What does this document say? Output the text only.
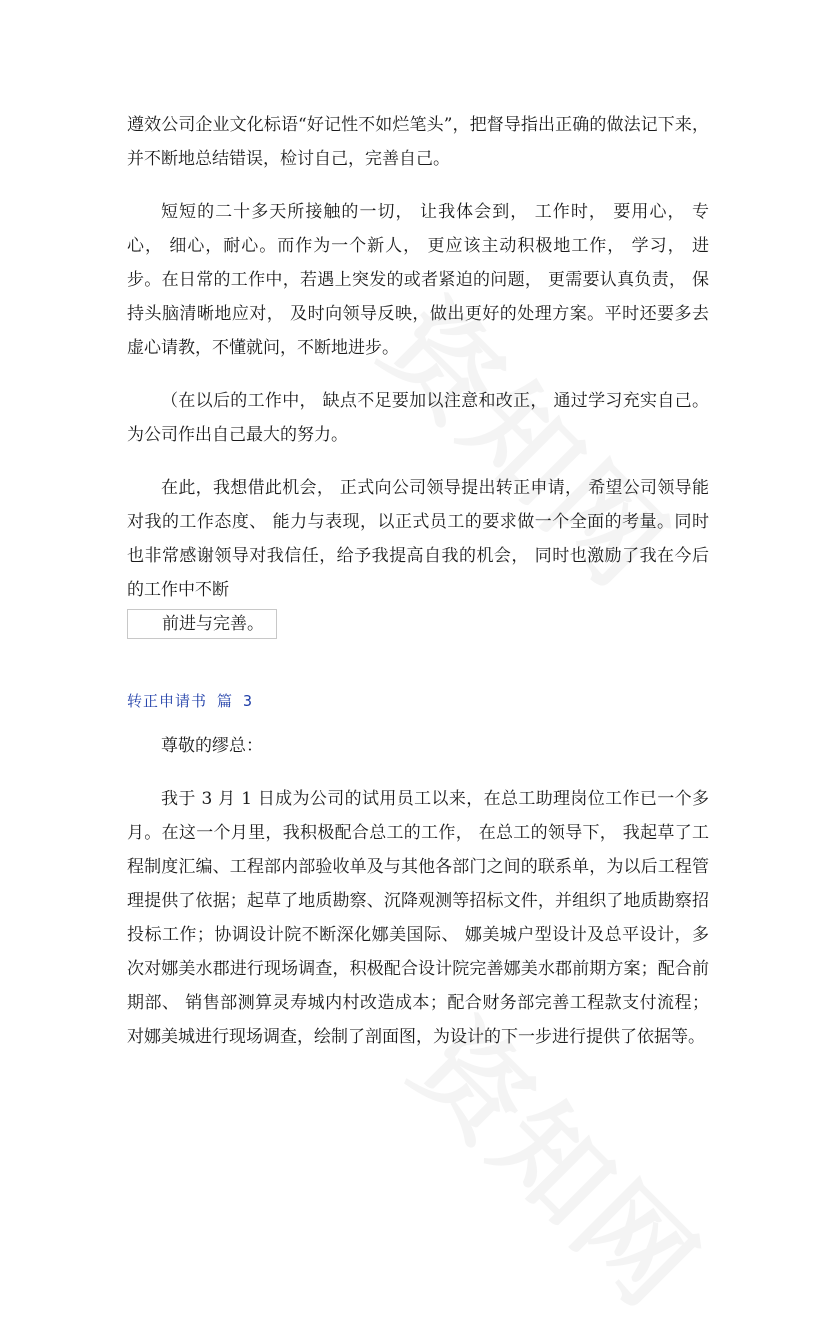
遵效公司企业文化标语“好记性不如烂笔头”，把督导指出正确的做法记下来，并不断地总结错误，检讨自己，完善自己。

短短的二十多天所接触的一切， 让我体会到， 工作时， 要用心， 专心， 细心，耐心。而作为一个新人， 更应该主动积极地工作， 学习， 进步。在日常的工作中，若遇上突发的或者紧迫的问题， 更需要认真负责， 保持头脑清晰地应对， 及时向领导反映，做出更好的处理方案。平时还要多去虚心请教，不懂就问，不断地进步。

（在以后的工作中， 缺点不足要加以注意和改正， 通过学习充实自己。为公司作出自己最大的努力。

在此，我想借此机会， 正式向公司领导提出转正申请， 希望公司领导能对我的工作态度、 能力与表现，以正式员工的要求做一个全面的考量。同时也非常感谢领导对我信任，给予我提高自我的机会， 同时也激励了我在今后的工作中不断
前进与完善。

转正申请书 篇 3

尊敬的缪总：

我于 3 月 1 日成为公司的试用员工以来，在总工助理岗位工作已一个多月。在这一个月里，我积极配合总工的工作， 在总工的领导下， 我起草了工程制度汇编、工程部内部验收单及与其他各部门之间的联系单，为以后工程管理提供了依据；起草了地质勘察、沉降观测等招标文件，并组织了地质勘察招投标工作；协调设计院不断深化娜美国际、 娜美城户型设计及总平设计，多次对娜美水郡进行现场调查，积极配合设计院完善娜美水郡前期方案；配合前期部、 销售部测算灵寿城内村改造成本；配合财务部完善工程款支付流程； 对娜美城进行现场调查，绘制了剖面图，为设计的下一步进行提供了依据等。
